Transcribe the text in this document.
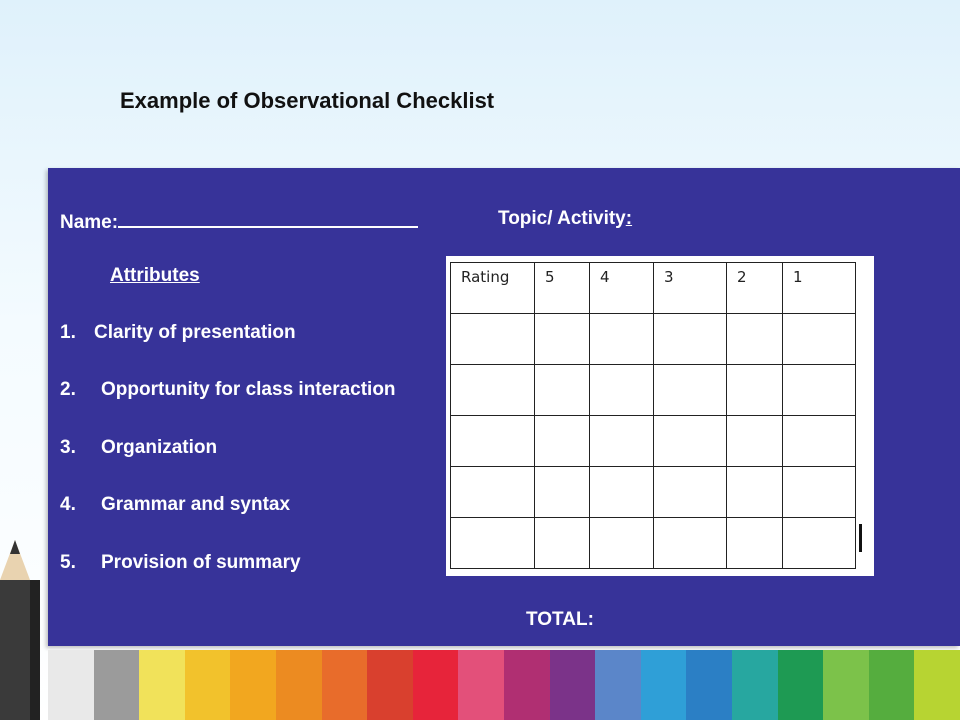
Example of Observational Checklist
Name:	Topic/ Activity:
Attributes
1. Clarity of presentation
2. Opportunity for class interaction
3. Organization
4. Grammar and syntax
5. Provision of summary
TOTAL:
Rating	5	4	3	2	1
